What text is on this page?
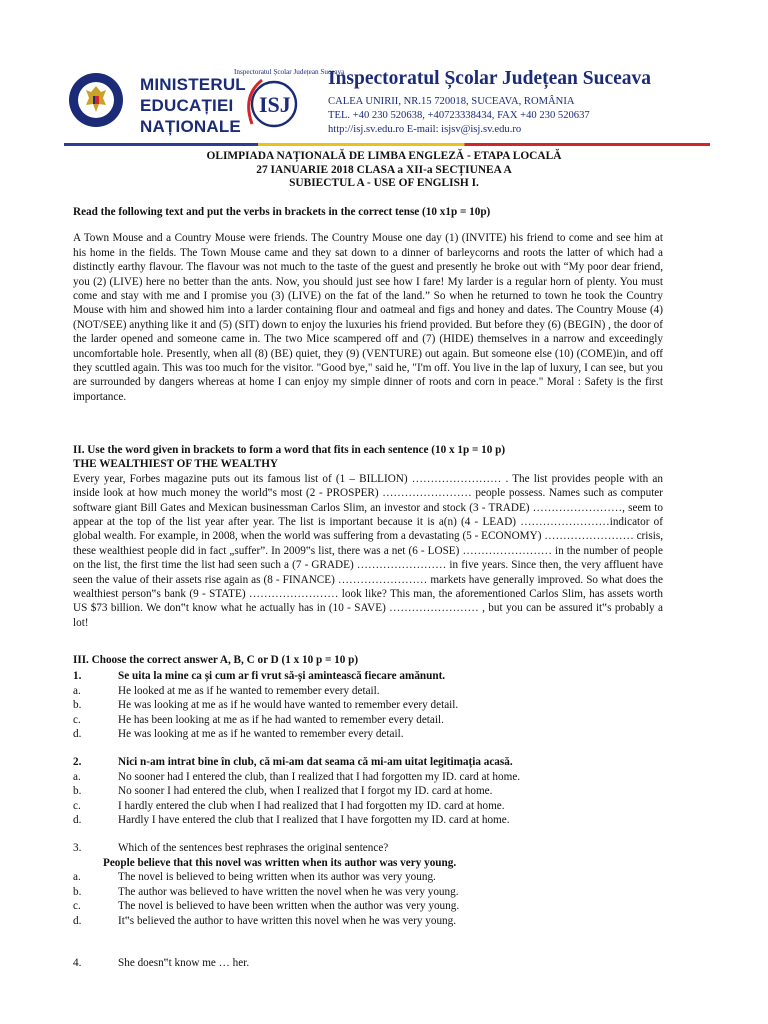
MINISTERUL
EDUCAȚIEI
NAȚIONALE
ISJ
Inspectoratul Școlar Județean Suceava
Inspectoratul Școlar Județean Suceava
CALEA UNIRII, NR.15 720018, SUCEAVA, ROMÂNIA
TEL. +40 230 520638, +40723338434, FAX +40 230 520637
http://isj.sv.edu.ro E-mail: isjsv@isj.sv.edu.ro
OLIMPIADA NAȚIONALĂ DE LIMBA ENGLEZĂ - ETAPA LOCALĂ
27 IANUARIE 2018 CLASA a XII-a SECȚIUNEA A
SUBIECTUL A - USE OF ENGLISH I.

Read the following text and put the verbs in brackets in the correct tense (10 x1p = 10p)

A Town Mouse and a Country Mouse were friends. The Country Mouse one day (1) (INVITE) his friend to come and see him at his home in the fields. The Town Mouse came and they sat down to a dinner of barleycorns and roots the latter of which had a distinctly earthy flavour. The flavour was not much to the taste of the guest and presently he broke out with “My poor dear friend, you (2) (LIVE) here no better than the ants. Now, you should just see how I fare! My larder is a regular horn of plenty. You must come and stay with me and I promise you (3) (LIVE) on the fat of the land.” So when he returned to town he took the Country Mouse with him and showed him into a larder containing flour and oatmeal and figs and honey and dates. The Country Mouse (4) (NOT/SEE) anything like it and (5) (SIT) down to enjoy the luxuries his friend provided. But before they (6) (BEGIN) , the door of the larder opened and someone came in. The two Mice scampered off and (7) (HIDE) themselves in a narrow and exceedingly uncomfortable hole. Presently, when all (8) (BE) quiet, they (9) (VENTURE) out again. But someone else (10) (COME)in, and off they scuttled again. This was too much for the visitor. "Good bye," said he, "I'm off. You live in the lap of luxury, I can see, but you are surrounded by dangers whereas at home I can enjoy my simple dinner of roots and corn in peace." Moral : Safety is the first importance.

II. Use the word given in brackets to form a word that fits in each sentence (10 x 1p = 10 p)

THE WEALTHIEST OF THE WEALTHY

Every year, Forbes magazine puts out its famous list of (1 – BILLION) …………………… . The list provides people with an inside look at how much money the world‟s most (2 - PROSPER) …………………… people possess. Names such as computer software giant Bill Gates and Mexican businessman Carlos Slim, an investor and stock (3 - TRADE) ……………………, seem to appear at the top of the list year after year. The list is important because it is a(n) (4 - LEAD) ……………………indicator of global wealth. For example, in 2008, when the world was suffering from a devastating (5 - ECONOMY) …………………… crisis, these wealthiest people did in fact „suffer”. In 2009‟s list, there was a net (6 - LOSE) …………………… in the number of people on the list, the first time the list had seen such a (7 - GRADE) …………………… in five years. Since then, the very affluent have seen the value of their assets rise again as (8 - FINANCE) …………………… markets have generally improved. So what does the wealthiest person‟s bank (9 - STATE) …………………… look like? This man, the aforementioned Carlos Slim, has assets worth US $73 billion. We don‟t know what he actually has in (10 - SAVE) …………………… , but you can be assured it‟s probably a lot!

III. Choose the correct answer A, B, C or D (1 x 10 p = 10 p)

1.	Se uita la mine ca și cum ar fi vrut să-și amintească fiecare amănunt.
a.	He looked at me as if he wanted to remember every detail.
b.	He was looking at me as if he would have wanted to remember every detail.
c.	He has been looking at me as if he had wanted to remember every detail.
d.	He was looking at me as if he wanted to remember every detail.
2.	Nici n-am intrat bine în club, că mi-am dat seama că mi-am uitat legitimația acasă.
a.	No sooner had I entered the club, than I realized that I had forgotten my ID. card at home.
b.	No sooner I had entered the club, when I realized that I forgot my ID. card at home.
c.	I hardly entered the club when I had realized that I had forgotten my ID. card at home.
d.	Hardly I have entered the club that I realized that I have forgotten my ID. card at home.
3.	Which of the sentences best rephrases the original sentence?
People believe that this novel was written when its author was very young.
a.	The novel is believed to being written when its author was very young.
b.	The author was believed to have written the novel when he was very young.
c.	The novel is believed to have been written when the author was very young.
d.	It‟s believed the author to have written this novel when he was very young.
4.	She doesn‟t know me … her.
